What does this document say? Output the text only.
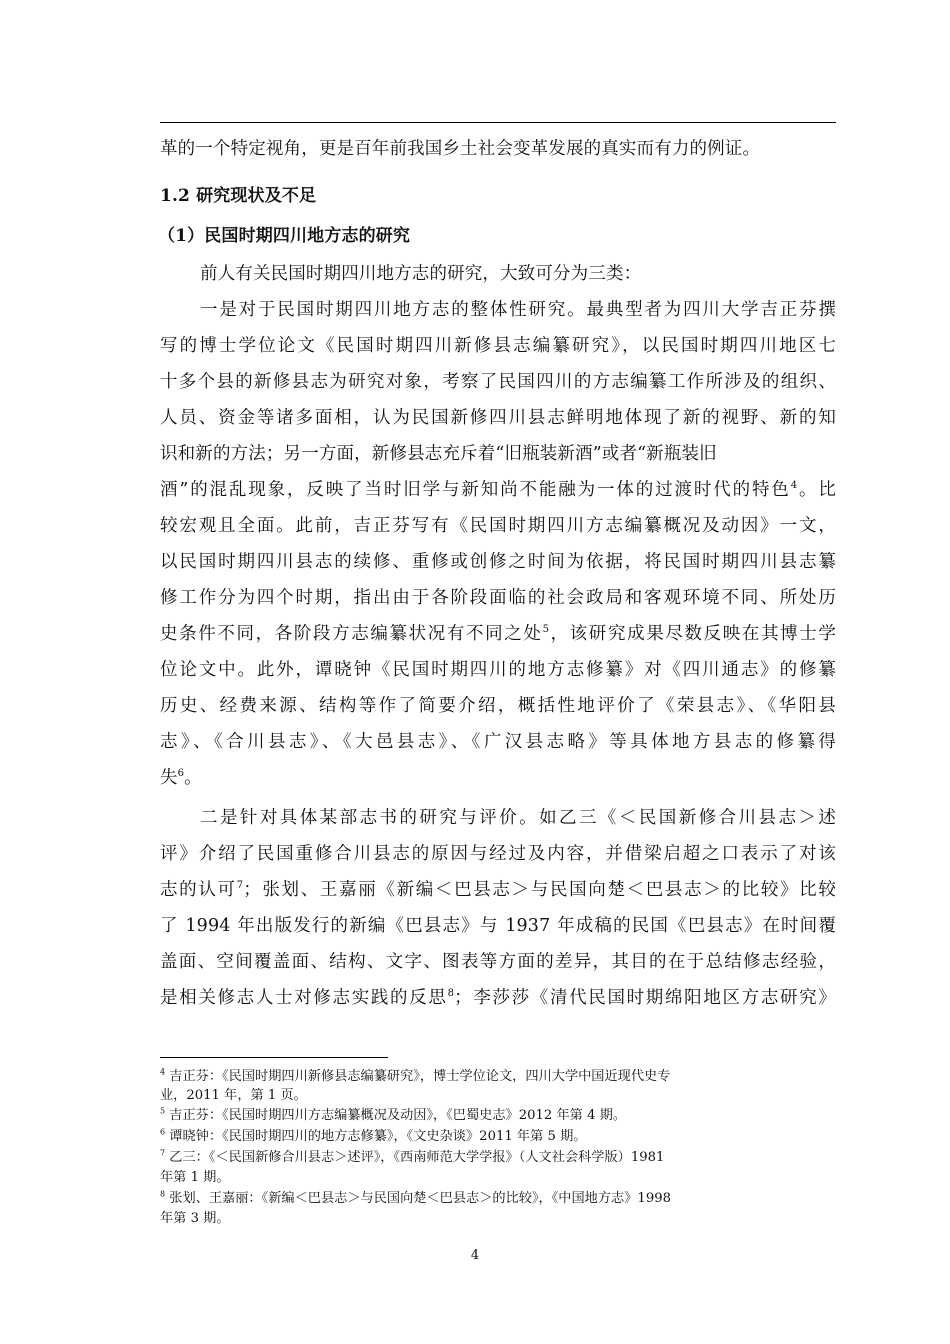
革的一个特定视角，更是百年前我国乡土社会变革发展的真实而有力的例证。
1.2 研究现状及不足
（1）民国时期四川地方志的研究
前人有关民国时期四川地方志的研究，大致可分为三类：
一是对于民国时期四川地方志的整体性研究。最典型者为四川大学吉正芬撰
写的博士学位论文《民国时期四川新修县志编纂研究》，以民国时期四川地区七
十多个县的新修县志为研究对象，考察了民国四川的方志编纂工作所涉及的组织、
人员、资金等诸多面相，认为民国新修四川县志鲜明地体现了新的视野、新的知
识和新的方法；另一方面，新修县志充斥着“旧瓶装新酒”或者“新瓶装旧
酒”的混乱现象，反映了当时旧学与新知尚不能融为一体的过渡时代的特色$^4$。比
较宏观且全面。此前，吉正芬写有《民国时期四川方志编纂概况及动因》一文，
以民国时期四川县志的续修、重修或创修之时间为依据，将民国时期四川县志纂
修工作分为四个时期，指出由于各阶段面临的社会政局和客观环境不同、所处历
史条件不同，各阶段方志编纂状况有不同之处$^5$，该研究成果尽数反映在其博士学
位论文中。此外，谭晓钟《民国时期四川的地方志修纂》对《四川通志》的修纂
历史、经费来源、结构等作了简要介绍，概括性地评价了《荣县志》、《华阳县
志》、《合川县志》、《大邑县志》、《广汉县志略》等具体地方县志的修纂得
失$^6$。
二是针对具体某部志书的研究与评价。如乙三《＜民国新修合川县志＞述
评》介绍了民国重修合川县志的原因与经过及内容，并借梁启超之口表示了对该
志的认可$^7$；张划、王嘉丽《新编＜巴县志＞与民国向楚＜巴县志＞的比较》比较
了 1994 年出版发行的新编《巴县志》与 1937 年成稿的民国《巴县志》在时间覆
盖面、空间覆盖面、结构、文字、图表等方面的差异，其目的在于总结修志经验，
是相关修志人士对修志实践的反思$^8$；李莎莎《清代民国时期绵阳地区方志研究》
$^4$ 吉正芬：《民国时期四川新修县志编纂研究》，博士学位论文，四川大学中国近现代史专
业，2011 年，第 1 页。
$^5$ 吉正芬：《民国时期四川方志编纂概况及动因》，《巴蜀史志》2012 年第 4 期。
$^6$ 谭晓钟：《民国时期四川的地方志修纂》，《文史杂谈》2011 年第 5 期。
$^7$ 乙三：《＜民国新修合川县志＞述评》，《西南师范大学学报》（人文社会科学版）1981
年第 1 期。
$^8$ 张划、王嘉丽：《新编＜巴县志＞与民国向楚＜巴县志＞的比较》，《中国地方志》1998
年第 3 期。
4
